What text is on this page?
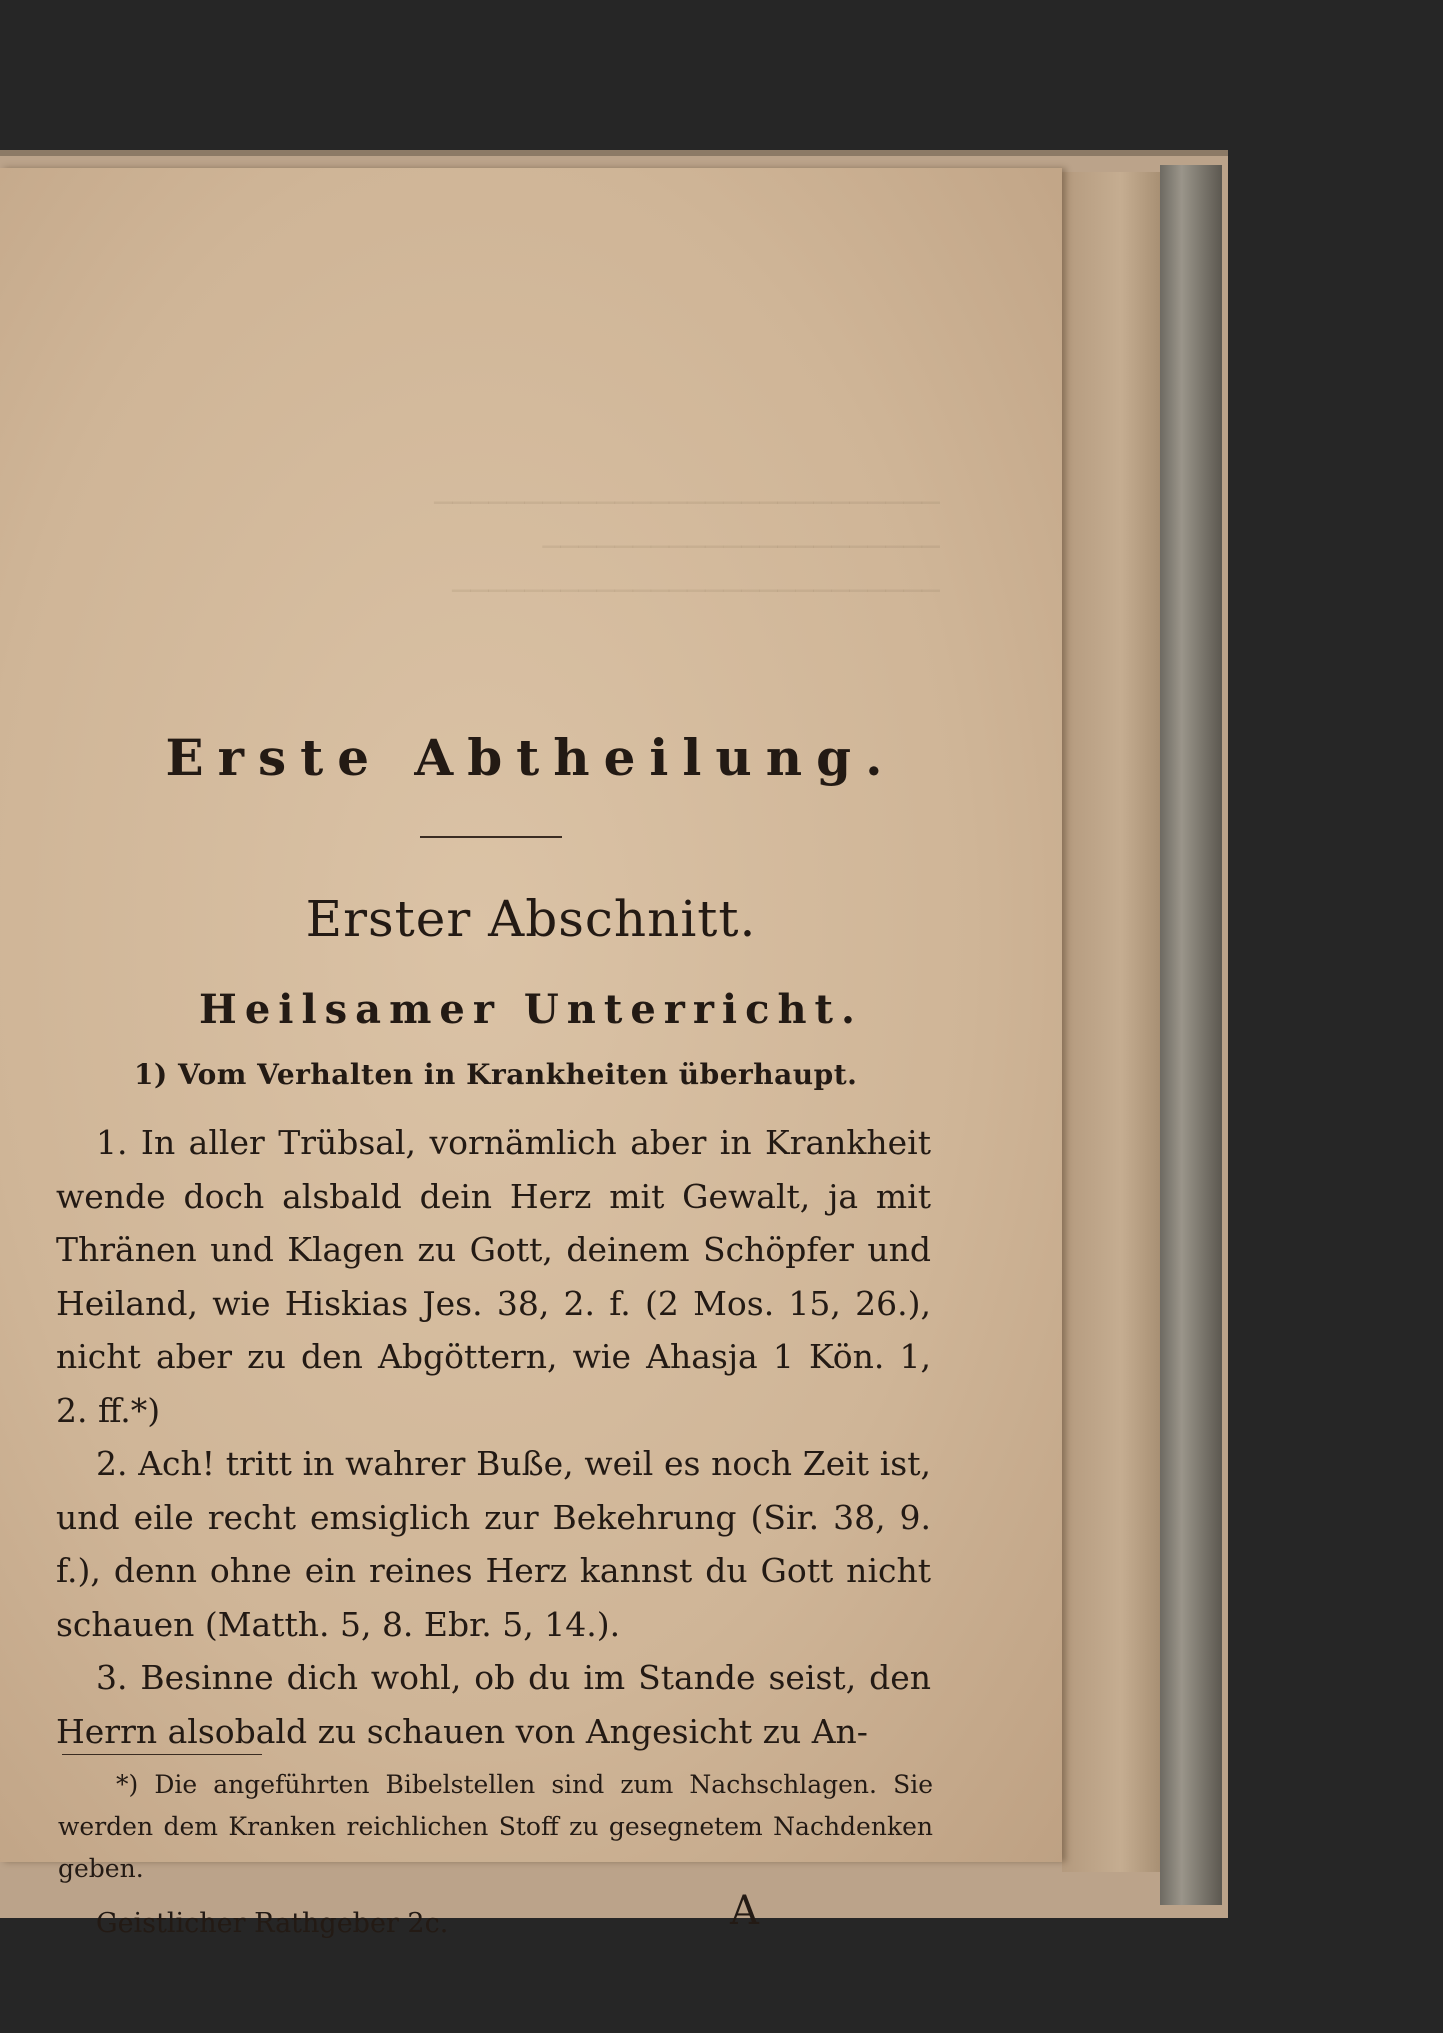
────────────────────────────
──────────────────────
───────────────────────────

Erste Abtheilung.
Erster Abschnitt.
Heilsamer Unterricht.
1) Vom Verhalten in Krankheiten überhaupt.

1. In aller Trübsal, vornämlich aber in Krankheit wende doch alsbald dein Herz mit Gewalt, ja mit Thränen und Klagen zu Gott, deinem Schöpfer und Heiland, wie Hiskias Jes. 38, 2. f. (2 Mos. 15, 26.), nicht aber zu den Abgöttern, wie Ahasja 1 Kön. 1, 2. ff.*)

2. Ach! tritt in wahrer Buße, weil es noch Zeit ist, und eile recht emsiglich zur Bekehrung (Sir. 38, 9. f.), denn ohne ein reines Herz kannst du Gott nicht schauen (Matth. 5, 8. Ebr. 5, 14.).

3. Besinne dich wohl, ob du im Stande seist, den Herrn alsobald zu schauen von Angesicht zu An-

*) Die angeführten Bibelstellen sind zum Nachschlagen. Sie werden dem Kranken reichlichen Stoff zu gesegnetem Nachdenken geben.

Geistlicher Rathgeber 2c.	A
